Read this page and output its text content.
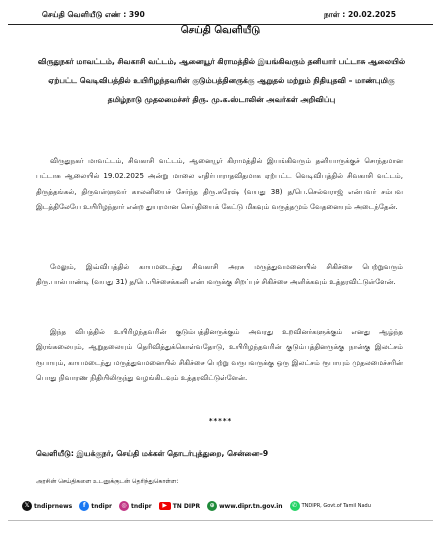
செய்தி வெளியீடு எண் : 390	நாள் : 20.02.2025
செய்தி வெளியீடு
விருதுநகர் மாவட்டம், சிவகாசி வட்டம், ஆனையூர் கிராமத்தில் இயங்கிவரும் தனியார் பட்டாசு ஆலையில் ஏற்பட்ட வெடிவிபத்தில் உயிரிழந்தவரின் குடும்பத்தினருக்கு ஆறுதல் மற்றும் நிதியுதவி – மாண்புமிகு தமிழ்நாடு முதலமைச்சர் திரு. மு.க.ஸ்டாலின் அவர்கள் அறிவிப்பு
விருதுநகர் மாவட்டம், சிவகாசி வட்டம், ஆனையூர் கிராமத்தில் இயங்கிவரும் தனியாருக்குச் சொந்தமான பட்டாசு ஆலையில் 19.02.2025 அன்று மாலை எதிர்பாராதவிதமாக ஏற்பட்ட வெடிவிபத்தில் சிவகாசி வட்டம், திருத்தங்கல், திருவள்ளுவர் காலனியைச் சேர்ந்த திரு.சுரேஷ் (வயது 38) த/பெ.செல்வராஜ் என்பவர் சம்பவ இடத்திலேயே உயிரிழந்தார் என்ற துயரமான செய்தியைக் கேட்டு மிகவும் வருத்தமும் வேதனையும் அடைந்தேன்.
மேலும், இவ்விபத்தில் காயமடைந்து சிவகாசி அரசு மருத்துவமனையில் சிகிச்சை பெற்றுவரும் திரு.பால்பாண்டி (வயது 31) த/பெ.பிச்சைக்கனி என்பவருக்கு சிறப்புச் சிகிச்சை அளிக்கவும் உத்தரவிட்டுள்ளேன்.
இந்த விபத்தில் உயிரிழந்தவரின் குடும்பத்தினருக்கும் அவரது உறவினர்களுக்கும் எனது ஆழ்ந்த இரங்கலையும், ஆறுதலையும் தெரிவித்துக்கொள்வதோடு, உயிரிழந்தவரின் குடும்பத்தினருக்கு நான்கு இலட்சம் ரூபாயும், காயமடைந்து மருத்துவமனையில் சிகிச்சை பெற்று வருபவருக்கு ஒரு இலட்சம் ரூபாயும் முதலமைச்சரின் பொது நிவாரண நிதியிலிருந்து வழங்கிடவும் உத்தரவிட்டுள்ளேன்.
*****
வெளியீடு: இயக்குநர், செய்தி மக்கள் தொடர்புத்துறை, சென்னை–9
அரசின் செய்திகளை உடனுக்குடன் தெரிந்துகொள்ள:
𝕏 tndiprnews	f tndipr	◎ tndipr	▶ TN DIPR	⊕ www.dipr.tn.gov.in	✆ TNDIPR, Govt.of Tamil Nadu
